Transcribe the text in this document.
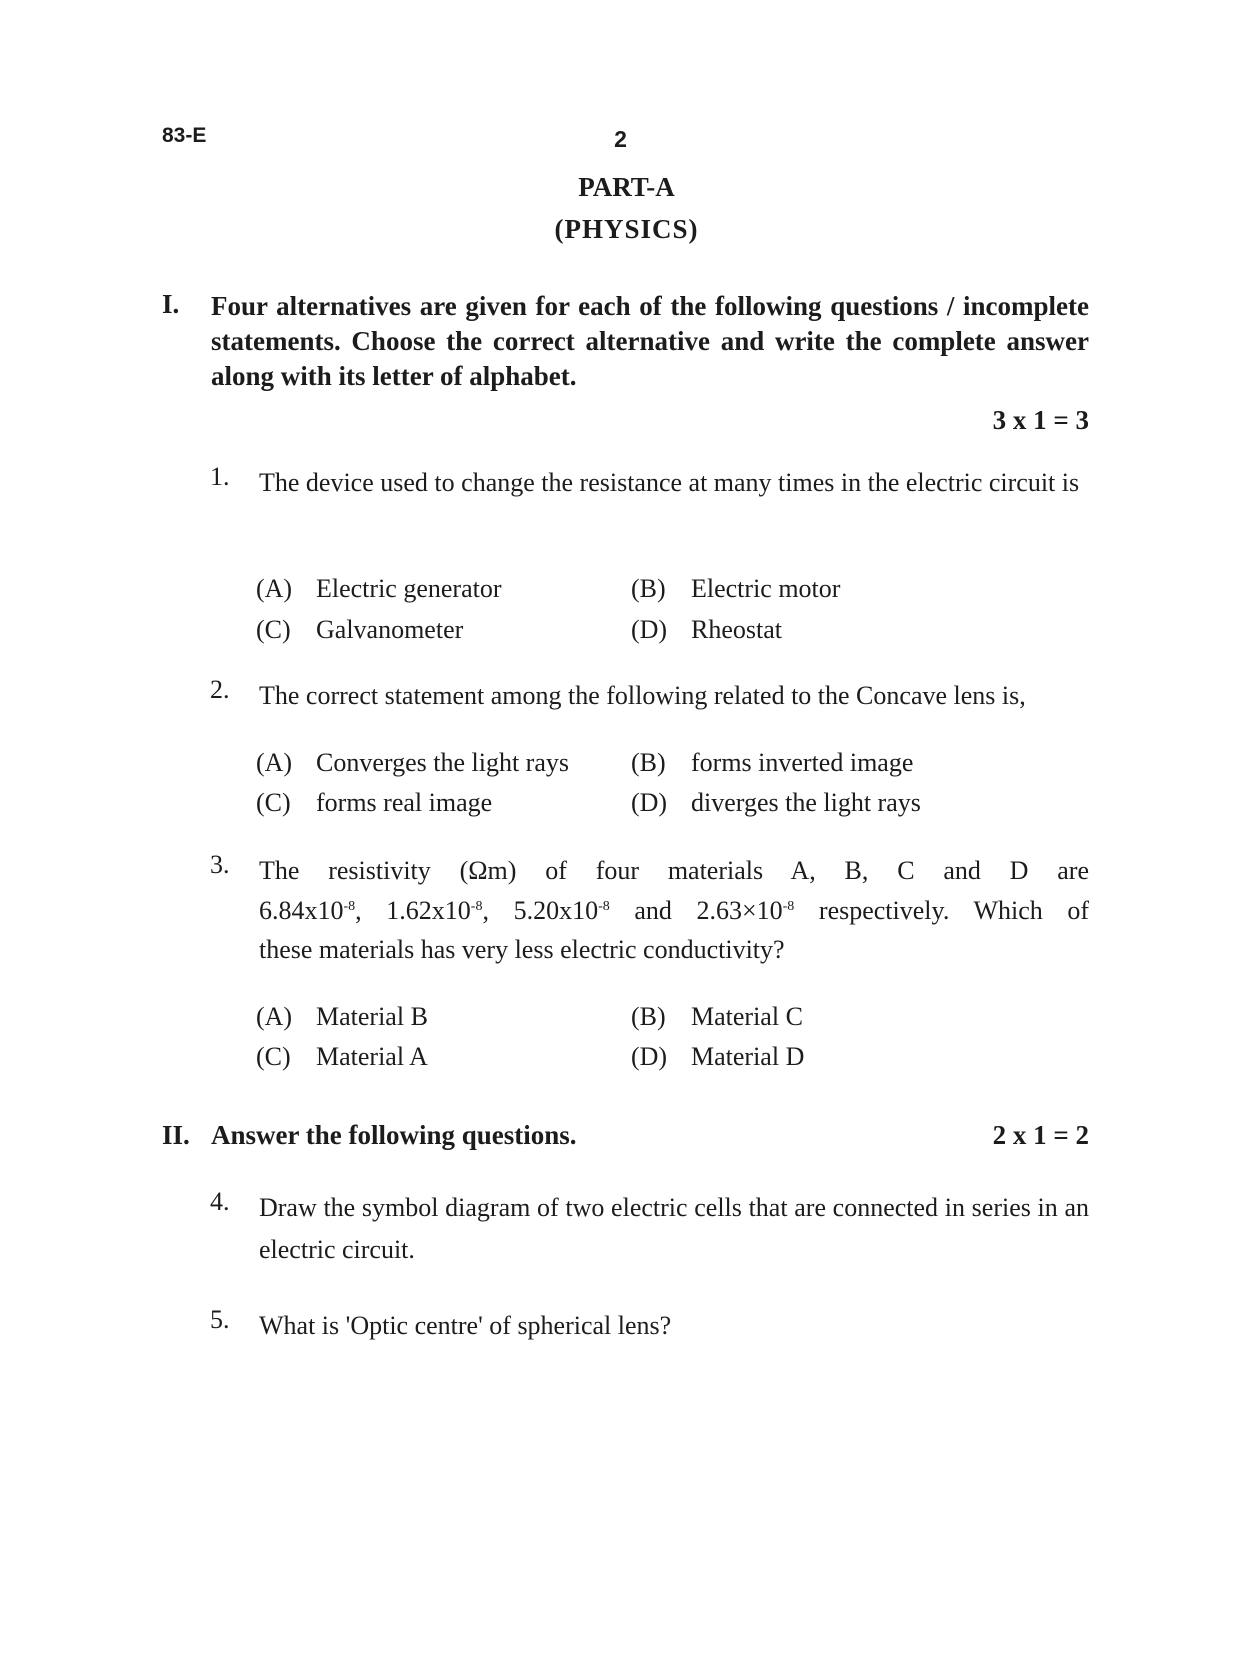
83-E	2
PART-A
(PHYSICS)
I. Four alternatives are given for each of the following questions / incomplete statements. Choose the correct alternative and write the complete answer along with its letter of alphabet.
3 x 1 = 3
1. The device used to change the resistance at many times in the electric circuit is
(A) Electric generator	(B) Electric motor
(C) Galvanometer	(D) Rheostat
2. The correct statement among the following related to the Concave lens is,
(A) Converges the light rays (B) forms inverted image
(C) forms real image	(D) diverges the light rays
3. The resistivity (Ωm) of four materials A, B, C and D are
$6.84x10^{-8}$, $1.62x10^{-8}$, $5.20x10^{-8}$ and $2.63\times 10^{-8}$ respectively. Which of
these materials has very less electric conductivity?
(A) Material B	(B) Material C
(C) Material A	(D) Material D
II. Answer the following questions.	2 x 1 = 2
4. Draw the symbol diagram of two electric cells that are connected in series in an electric circuit.
5. What is 'Optic centre' of spherical lens?
